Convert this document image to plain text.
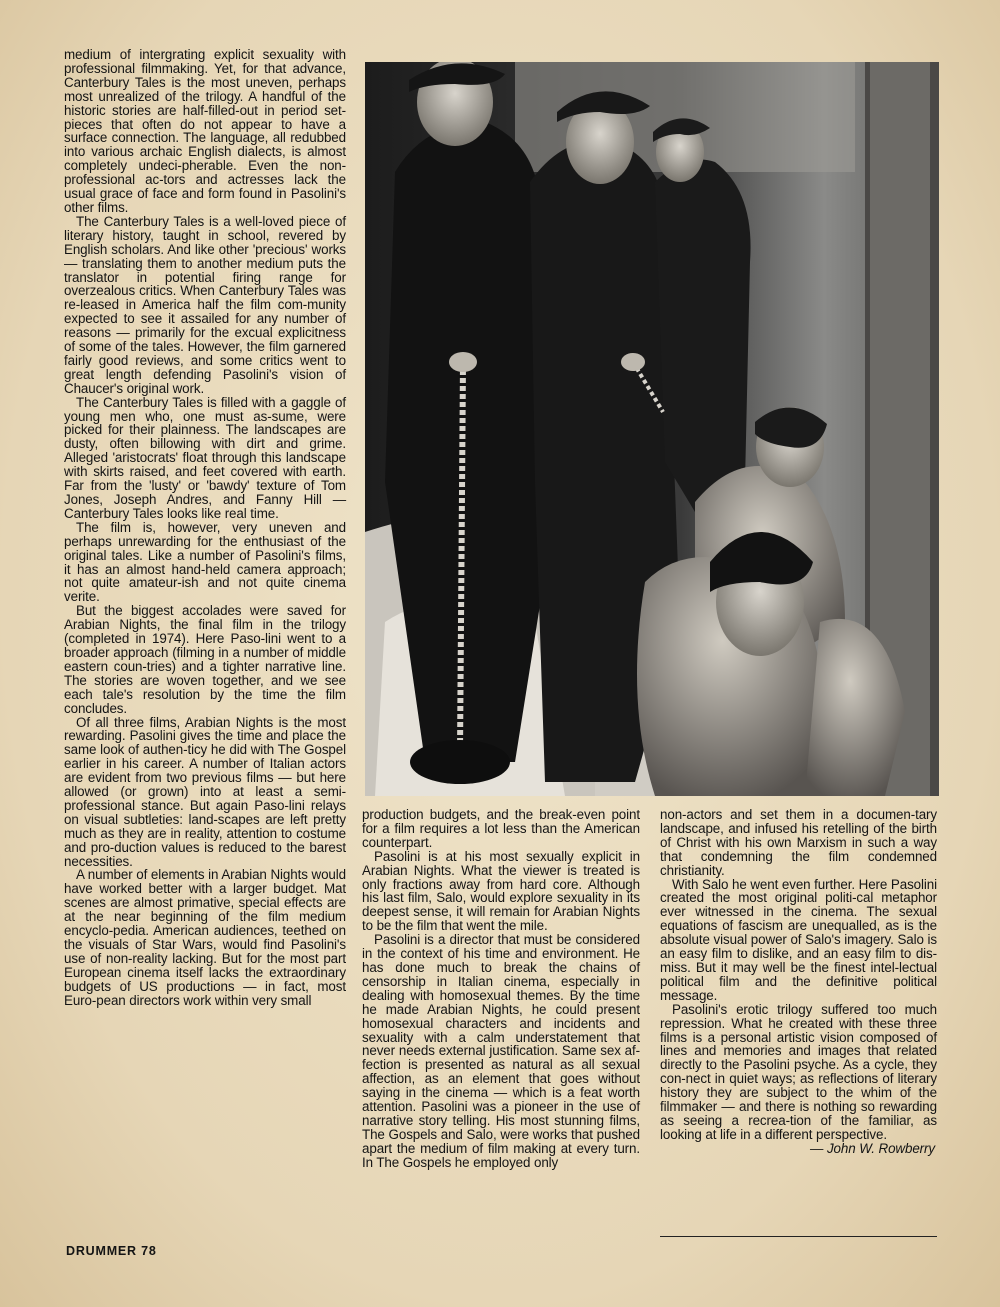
medium of intergrating explicit sexuality with professional filmmaking. Yet, for that advance, Canterbury Tales is the most uneven, perhaps most unrealized of the trilogy. A handful of the historic stories are half-filled-out in period set-pieces that often do not appear to have a surface connection. The language, all redubbed into various archaic English dialects, is almost completely undeci-pherable. Even the non-professional ac-tors and actresses lack the usual grace of face and form found in Pasolini's other films.

The Canterbury Tales is a well-loved piece of literary history, taught in school, revered by English scholars. And like other 'precious' works — translating them to another medium puts the translator in potential firing range for overzealous critics. When Canterbury Tales was re-leased in America half the film com-munity expected to see it assailed for any number of reasons — primarily for the excual explicitness of some of the tales. However, the film garnered fairly good reviews, and some critics went to great length defending Pasolini's vision of Chaucer's original work.

The Canterbury Tales is filled with a gaggle of young men who, one must as-sume, were picked for their plainness. The landscapes are dusty, often billowing with dirt and grime. Alleged 'aristocrats' float through this landscape with skirts raised, and feet covered with earth. Far from the 'lusty' or 'bawdy' texture of Tom Jones, Joseph Andres, and Fanny Hill — Canterbury Tales looks like real time.

The film is, however, very uneven and perhaps unrewarding for the enthusiast of the original tales. Like a number of Pasolini's films, it has an almost hand-held camera approach; not quite amateur-ish and not quite cinema verite.

But the biggest accolades were saved for Arabian Nights, the final film in the trilogy (completed in 1974). Here Paso-lini went to a broader approach (filming in a number of middle eastern coun-tries) and a tighter narrative line. The stories are woven together, and we see each tale's resolution by the time the film concludes.

Of all three films, Arabian Nights is the most rewarding. Pasolini gives the time and place the same look of authen-ticy he did with The Gospel earlier in his career. A number of Italian actors are evident from two previous films — but here allowed (or grown) into at least a semi-professional stance. But again Paso-lini relays on visual subtleties: land-scapes are left pretty much as they are in reality, attention to costume and pro-duction values is reduced to the barest necessities.

A number of elements in Arabian Nights would have worked better with a larger budget. Mat scenes are almost primative, special effects are at the near beginning of the film medium encyclo-pedia. American audiences, teethed on the visuals of Star Wars, would find Pasolini's use of non-reality lacking. But for the most part European cinema itself lacks the extraordinary budgets of US productions — in fact, most Euro-pean directors work within very small

production budgets, and the break-even point for a film requires a lot less than the American counterpart.

Pasolini is at his most sexually explicit in Arabian Nights. What the viewer is treated is only fractions away from hard core. Although his last film, Salo, would explore sexuality in its deepest sense, it will remain for Arabian Nights to be the film that went the mile.

Pasolini is a director that must be considered in the context of his time and environment. He has done much to break the chains of censorship in Italian cinema, especially in dealing with homosexual themes. By the time he made Arabian Nights, he could present homosexual characters and incidents and sexuality with a calm understatement that never needs external justification. Same sex af-fection is presented as natural as all sexual affection, as an element that goes without saying in the cinema — which is a feat worth attention. Pasolini was a pioneer in the use of narrative story telling. His most stunning films, The Gospels and Salo, were works that pushed apart the medium of film making at every turn. In The Gospels he employed only

non-actors and set them in a documen-tary landscape, and infused his retelling of the birth of Christ with his own Marxism in such a way that condemning the film condemned christianity.

With Salo he went even further. Here Pasolini created the most original politi-cal metaphor ever witnessed in the cinema. The sexual equations of fascism are unequalled, as is the absolute visual power of Salo's imagery. Salo is an easy film to dislike, and an easy film to dis-miss. But it may well be the finest intel-lectual political film and the definitive political message.

Pasolini's erotic trilogy suffered too much repression. What he created with these three films is a personal artistic vision composed of lines and memories and images that related directly to the Pasolini psyche. As a cycle, they con-nect in quiet ways; as reflections of literary history they are subject to the whim of the filmmaker — and there is nothing so rewarding as seeing a recrea-tion of the familiar, as looking at life in a different perspective.

— John W. Rowberry

DRUMMER 78
